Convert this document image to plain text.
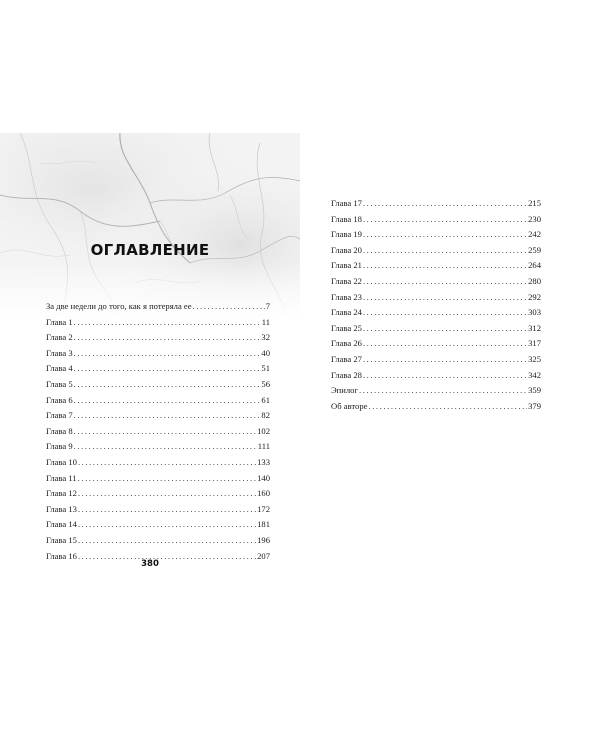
ОГЛАВЛЕНИЕ
За две недели до того, как я потеряла ее .....	7
Глава 1 .....	11
Глава 2 .....	32
Глава 3 .....	40
Глава 4 .....	51
Глава 5 .....	56
Глава 6 .....	61
Глава 7 .....	82
Глава 8 .....	102
Глава 9 .....	111
Глава 10 .....	133
Глава 11 .....	140
Глава 12 .....	160
Глава 13 .....	172
Глава 14 .....	181
Глава 15 .....	196
Глава 16 .....	207
380
Глава 17 .....	215
Глава 18 .....	230
Глава 19 .....	242
Глава 20 .....	259
Глава 21 .....	264
Глава 22 .....	280
Глава 23 .....	292
Глава 24 .....	303
Глава 25 .....	312
Глава 26 .....	317
Глава 27 .....	325
Глава 28 .....	342
Эпилог .....	359
Об авторе .....	379
